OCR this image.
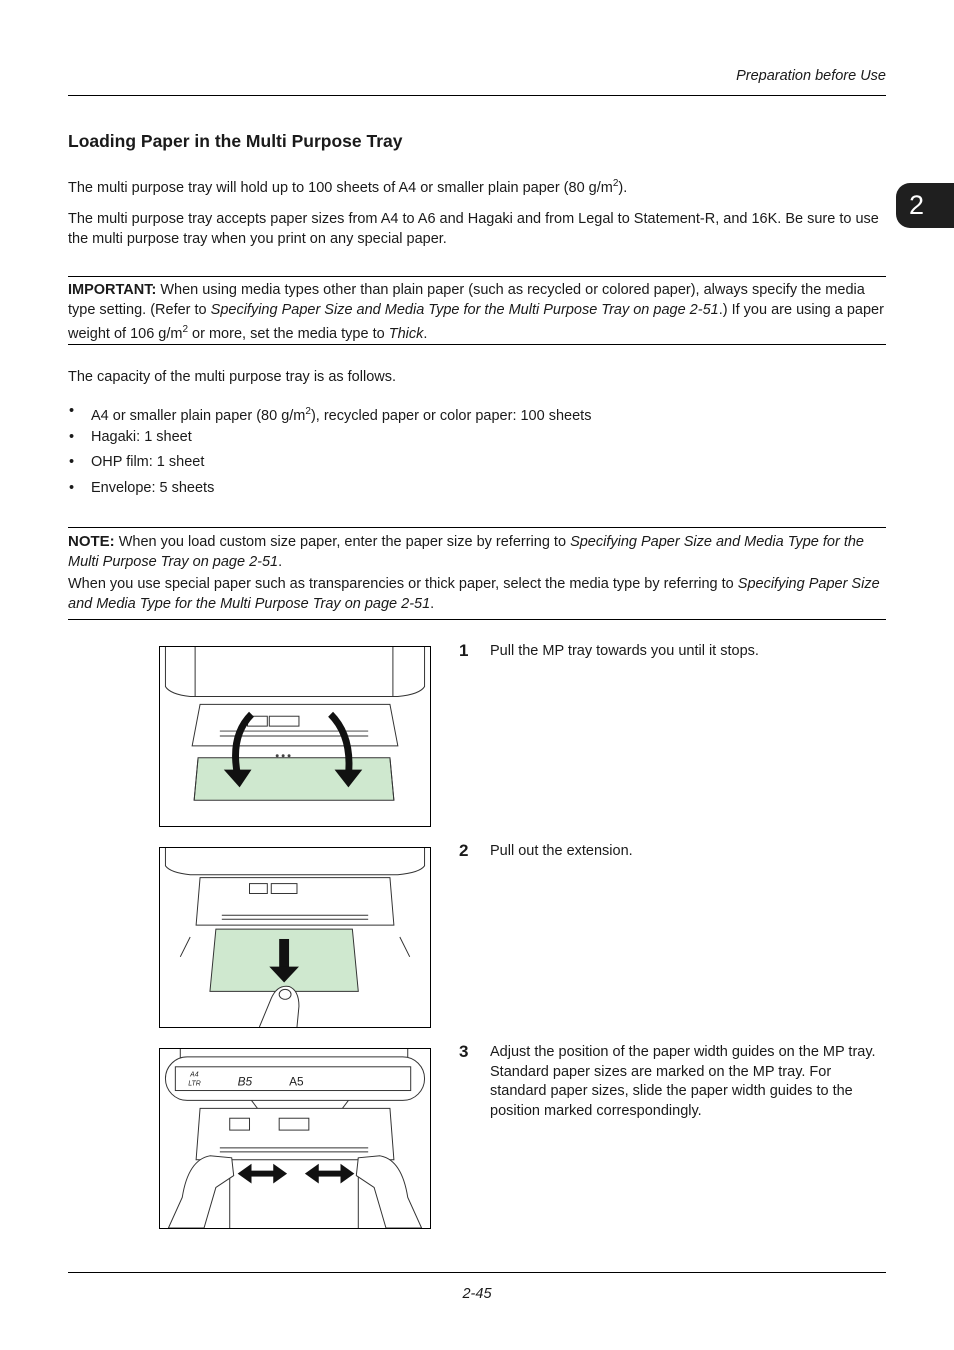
Preparation before Use
2
Loading Paper in the Multi Purpose Tray

The multi purpose tray will hold up to 100 sheets of A4 or smaller plain paper (80 $g/m^2$).

The multi purpose tray accepts paper sizes from A4 to A6 and Hagaki and from Legal to Statement-R, and 16K. Be sure to use the multi purpose tray when you print on any special paper.

IMPORTANT: When using media types other than plain paper (such as recycled or colored paper), always specify the media type setting. (Refer to Specifying Paper Size and Media Type for the Multi Purpose Tray on page 2-51.) If you are using a paper weight of 106 $g/m^2$ or more, set the media type to Thick.

The capacity of the multi purpose tray is as follows.

• A4 or smaller plain paper (80 $g/m^2$), recycled paper or color paper: 100 sheets
• Hagaki: 1 sheet
• OHP film: 1 sheet
• Envelope: 5 sheets

NOTE: When you load custom size paper, enter the paper size by referring to Specifying Paper Size and Media Type for the Multi Purpose Tray on page 2-51.

When you use special paper such as transparencies or thick paper, select the media type by referring to Specifying Paper Size and Media Type for the Multi Purpose Tray on page 2-51.

1 Pull the MP tray towards you until it stops.
2 Pull out the extension.
A4
LTR	B5	A5
3 Adjust the position of the paper width guides on the MP tray. Standard paper sizes are marked on the MP tray. For standard paper sizes, slide the paper width guides to the position marked correspondingly.
2-45
